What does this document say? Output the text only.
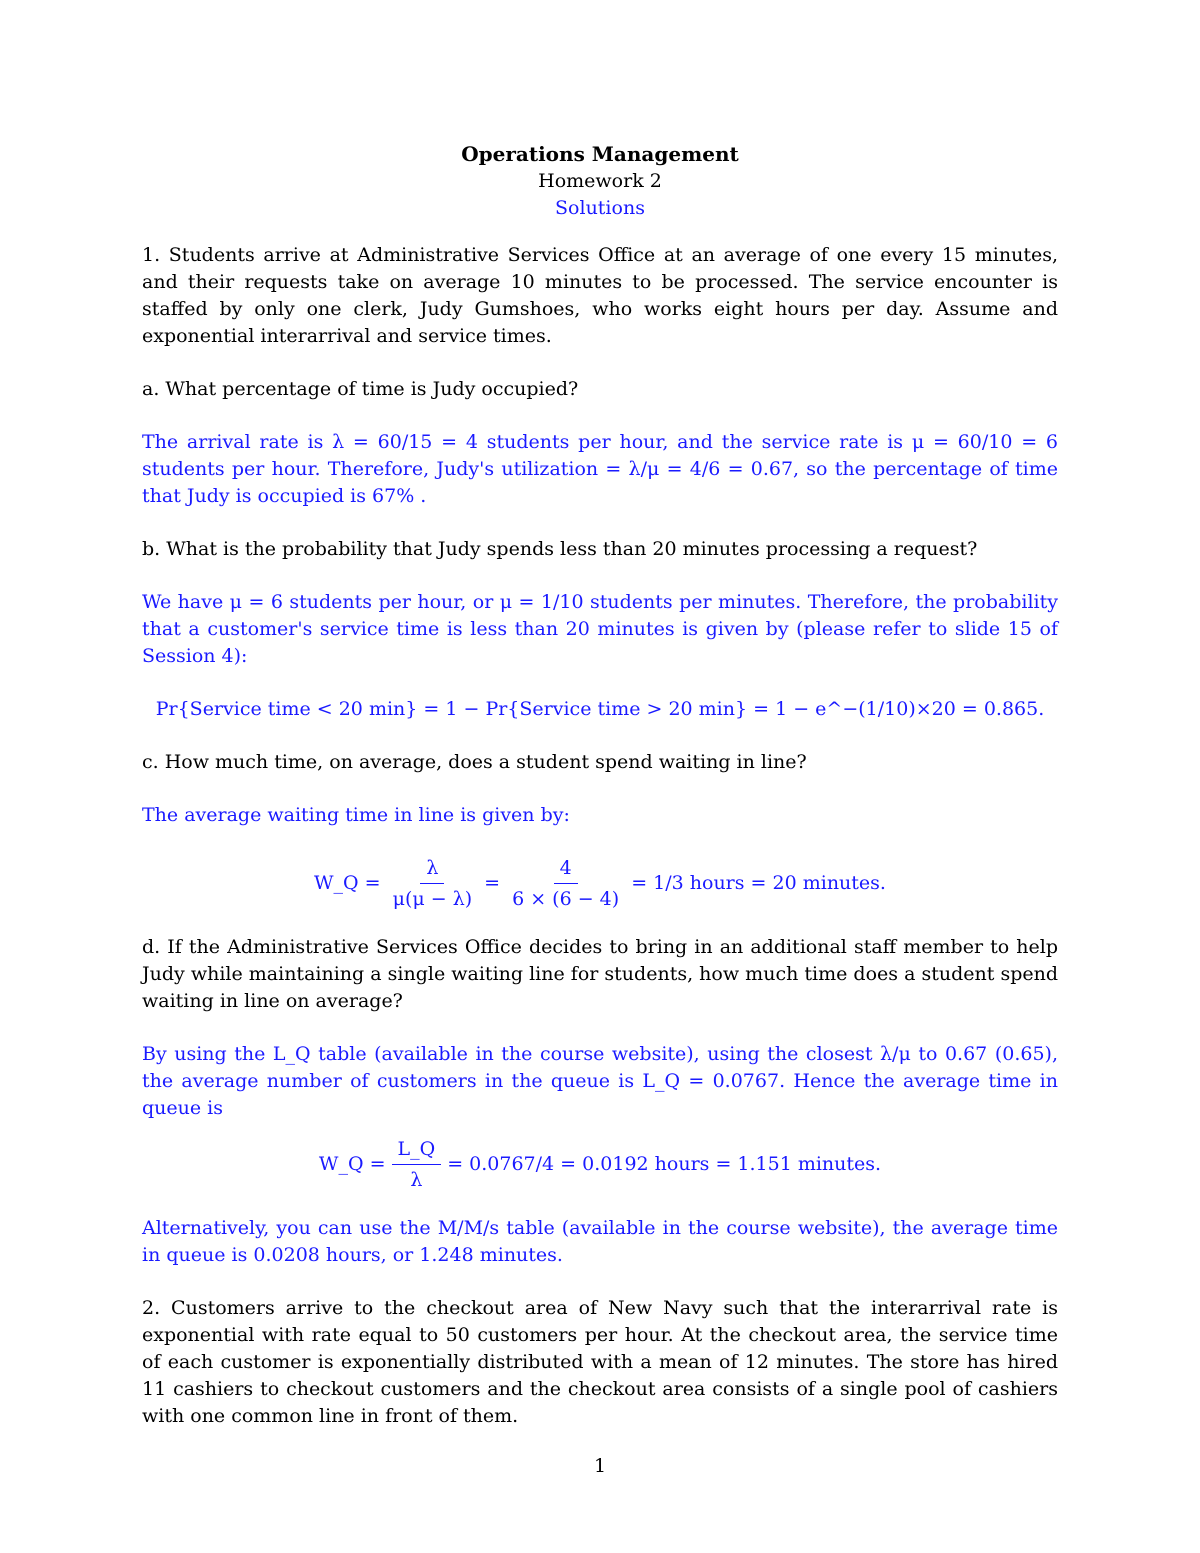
Operations Management
Homework 2
Solutions

1. Students arrive at Administrative Services Office at an average of one every 15 minutes, and their requests take on average 10 minutes to be processed. The service encounter is staffed by only one clerk, Judy Gumshoes, who works eight hours per day. Assume and exponential interarrival and service times.

a. What percentage of time is Judy occupied?

The arrival rate is λ = 60/15 = 4 students per hour, and the service rate is μ = 60/10 = 6 students per hour. Therefore, Judy's utilization = λ/μ = 4/6 = 0.67, so the percentage of time that Judy is occupied is 67% .

b. What is the probability that Judy spends less than 20 minutes processing a request?

We have μ = 6 students per hour, or μ = 1/10 students per minutes. Therefore, the probability that a customer's service time is less than 20 minutes is given by (please refer to slide 15 of Session 4):

Pr{Service time < 20 min} = 1 − Pr{Service time > 20 min} = 1 − e^−(1/10)×20 = 0.865.

c. How much time, on average, does a student spend waiting in line?

The average waiting time in line is given by:

W_Q = $\frac{\lambda}{\mu(\mu - \lambda)} = \frac{4}{6 \times (6 - 4)} = 1/3$ hours = 20 minutes.

d. If the Administrative Services Office decides to bring in an additional staff member to help Judy while maintaining a single waiting line for students, how much time does a student spend waiting in line on average?

By using the L_Q table (available in the course website), using the closest λ/μ to 0.67 (0.65), the average number of customers in the queue is L_Q = 0.0767. Hence the average time in queue is

W_Q = $\frac{L\_Q}{\lambda} = 0.0767/4 = 0.0192$ hours = 1.151 minutes.

Alternatively, you can use the M/M/s table (available in the course website), the average time in queue is 0.0208 hours, or 1.248 minutes.

2. Customers arrive to the checkout area of New Navy such that the interarrival rate is exponential with rate equal to 50 customers per hour. At the checkout area, the service time of each customer is exponentially distributed with a mean of 12 minutes. The store has hired 11 cashiers to checkout customers and the checkout area consists of a single pool of cashiers with one common line in front of them.

1
